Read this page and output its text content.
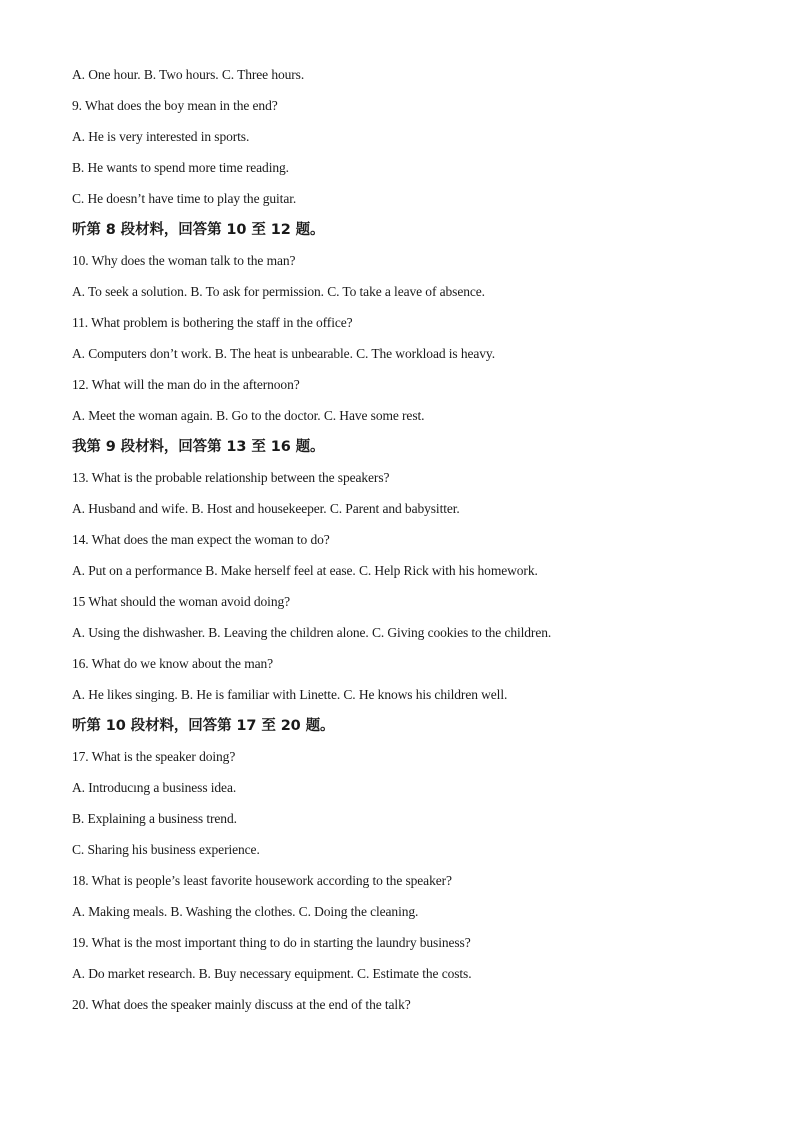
A. One hour. B. Two hours. C. Three hours.
9. What does the boy mean in the end?
A. He is very interested in sports.
B. He wants to spend more time reading.
C. He doesn’t have time to play the guitar.
听第 8 段材料，回答第 10 至 12 题。
10. Why does the woman talk to the man?
A. To seek a solution. B. To ask for permission. C. To take a leave of absence.
11. What problem is bothering the staff in the office?
A. Computers don’t work. B. The heat is unbearable. C. The workload is heavy.
12. What will the man do in the afternoon?
A. Meet the woman again. B. Go to the doctor. C. Have some rest.
我第 9 段材料，回答第 13 至 16 题。
13. What is the probable relationship between the speakers?
A. Husband and wife. B. Host and housekeeper. C. Parent and babysitter.
14. What does the man expect the woman to do?
A. Put on a performance B. Make herself feel at ease. C. Help Rick with his homework.
15 What should the woman avoid doing?
A. Using the dishwasher. B. Leaving the children alone. C. Giving cookies to the children.
16. What do we know about the man?
A. He likes singing. B. He is familiar with Linette. C. He knows his children well.
听第 10 段材料，回答第 17 至 20 题。
17. What is the speaker doing?
A. Introducıng a business idea.
B. Explaining a business trend.
C. Sharing his business experience.
18. What is people’s least favorite housework according to the speaker?
A. Making meals. B. Washing the clothes. C. Doing the cleaning.
19. What is the most important thing to do in starting the laundry business?
A. Do market research. B. Buy necessary equipment. C. Estimate the costs.
20. What does the speaker mainly discuss at the end of the talk?
